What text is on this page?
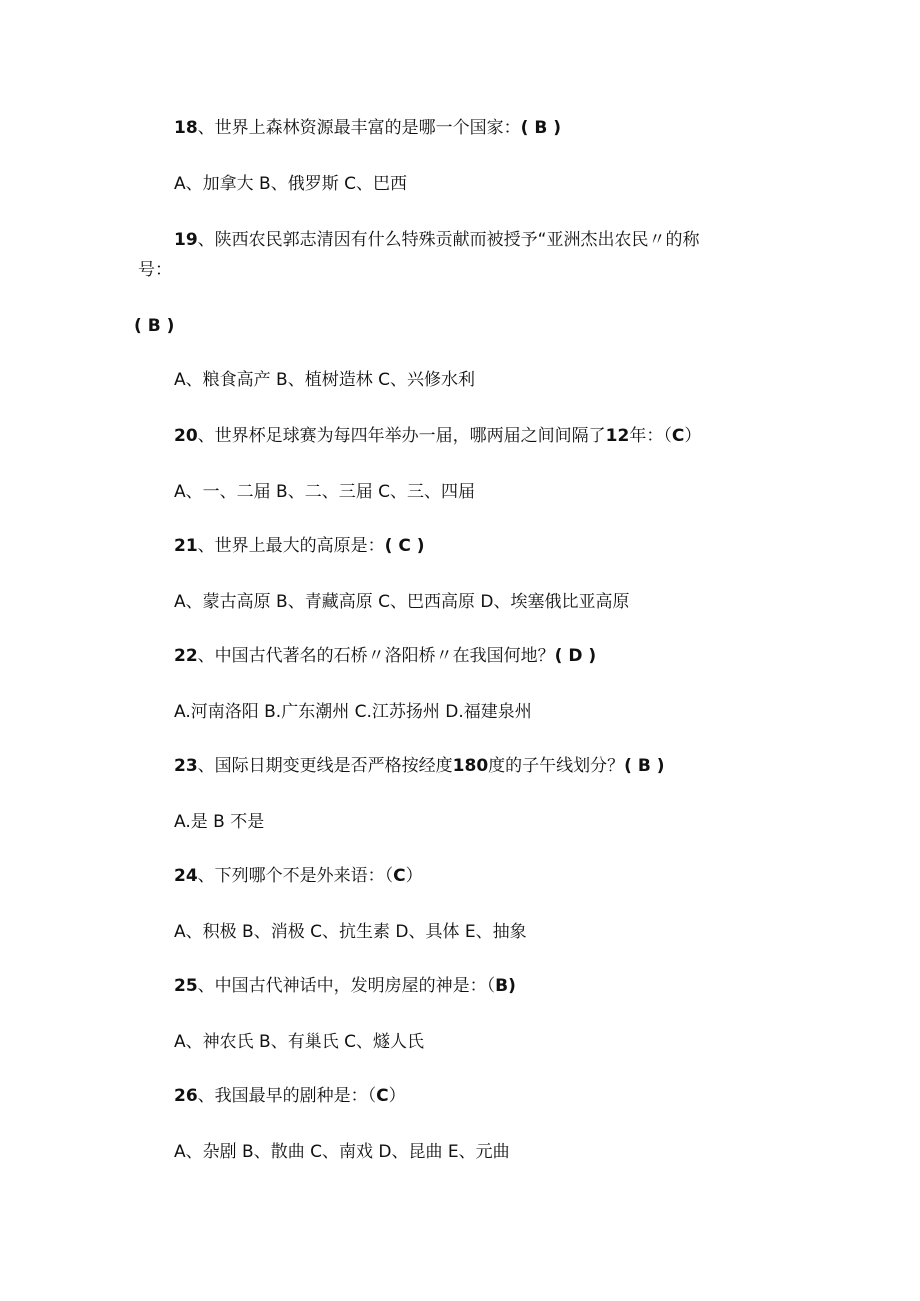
18、世界上森林资源最丰富的是哪一个国家：( B )
A、加拿大 B、俄罗斯 C、巴西
19、陕西农民郭志清因有什么特殊贡献而被授予“亚洲杰出农民〃的称
号：
( B )
A、粮食高产 B、植树造林 C、兴修水利
20、世界杯足球赛为每四年举办一届，哪两届之间间隔了12年：（C）
A、一、二届 B、二、三届 C、三、四届
21、世界上最大的高原是：( C )
A、蒙古高原 B、青藏高原 C、巴西高原 D、埃塞俄比亚高原
22、中国古代著名的石桥〃洛阳桥〃在我国何地？( D )
A.河南洛阳 B.广东潮州 C.江苏扬州 D.福建泉州
23、国际日期变更线是否严格按经度180度的子午线划分？( B )
A.是 B 不是
24、下列哪个不是外来语：（C）
A、积极 B、消极 C、抗生素 D、具体 E、抽象
25、中国古代神话中，发明房屋的神是：（B)
A、神农氏 B、有巢氏 C、燧人氏
26、我国最早的剧种是：（C）
A、杂剧 B、散曲 C、南戏 D、昆曲 E、元曲
